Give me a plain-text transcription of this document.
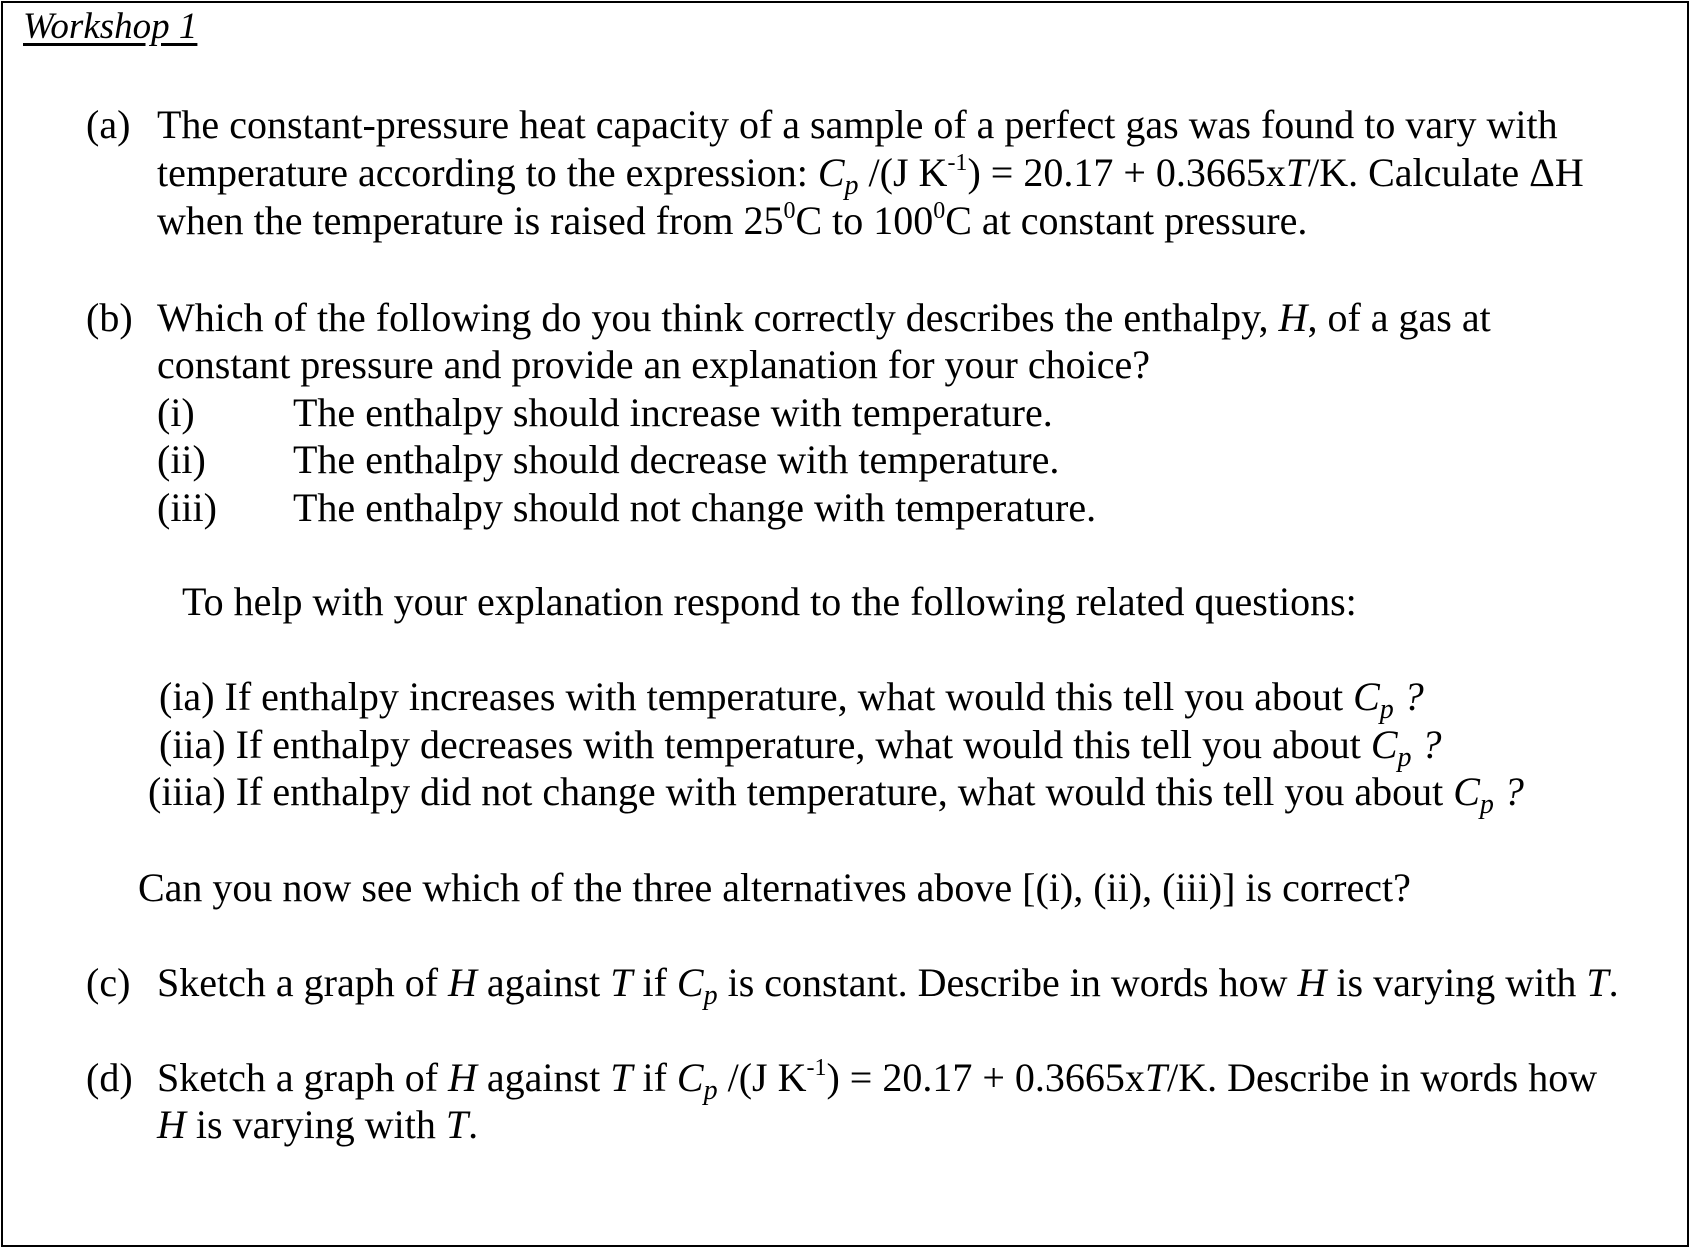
Workshop 1
(a) The constant-pressure heat capacity of a sample of a perfect gas was found to vary with
temperature according to the expression: $C_p$ /(J $K^{-1}) = 20.17 + 0.3665xT/K$. Calculate ΔH
when the temperature is raised from $25^0C$ to $100^0C$ at constant pressure.
(b) Which of the following do you think correctly describes the enthalpy, H, of a gas at
constant pressure and provide an explanation for your choice?
(i) The enthalpy should increase with temperature.
(ii) The enthalpy should decrease with temperature.
(iii) The enthalpy should not change with temperature.
To help with your explanation respond to the following related questions:
(ia) If enthalpy increases with temperature, what would this tell you about $C_p$ ?
(iia) If enthalpy decreases with temperature, what would this tell you about $C_p$ ?
(iiia) If enthalpy did not change with temperature, what would this tell you about $C_p$ ?
Can you now see which of the three alternatives above [(i), (ii), (iii)] is correct?
(c) Sketch a graph of H against T if $C_p$ is constant. Describe in words how H is varying with T.
(d) Sketch a graph of H against T if $C_p$ /(J $K^{-1}) = 20.17 + 0.3665xT/K$. Describe in words how
H is varying with T.
